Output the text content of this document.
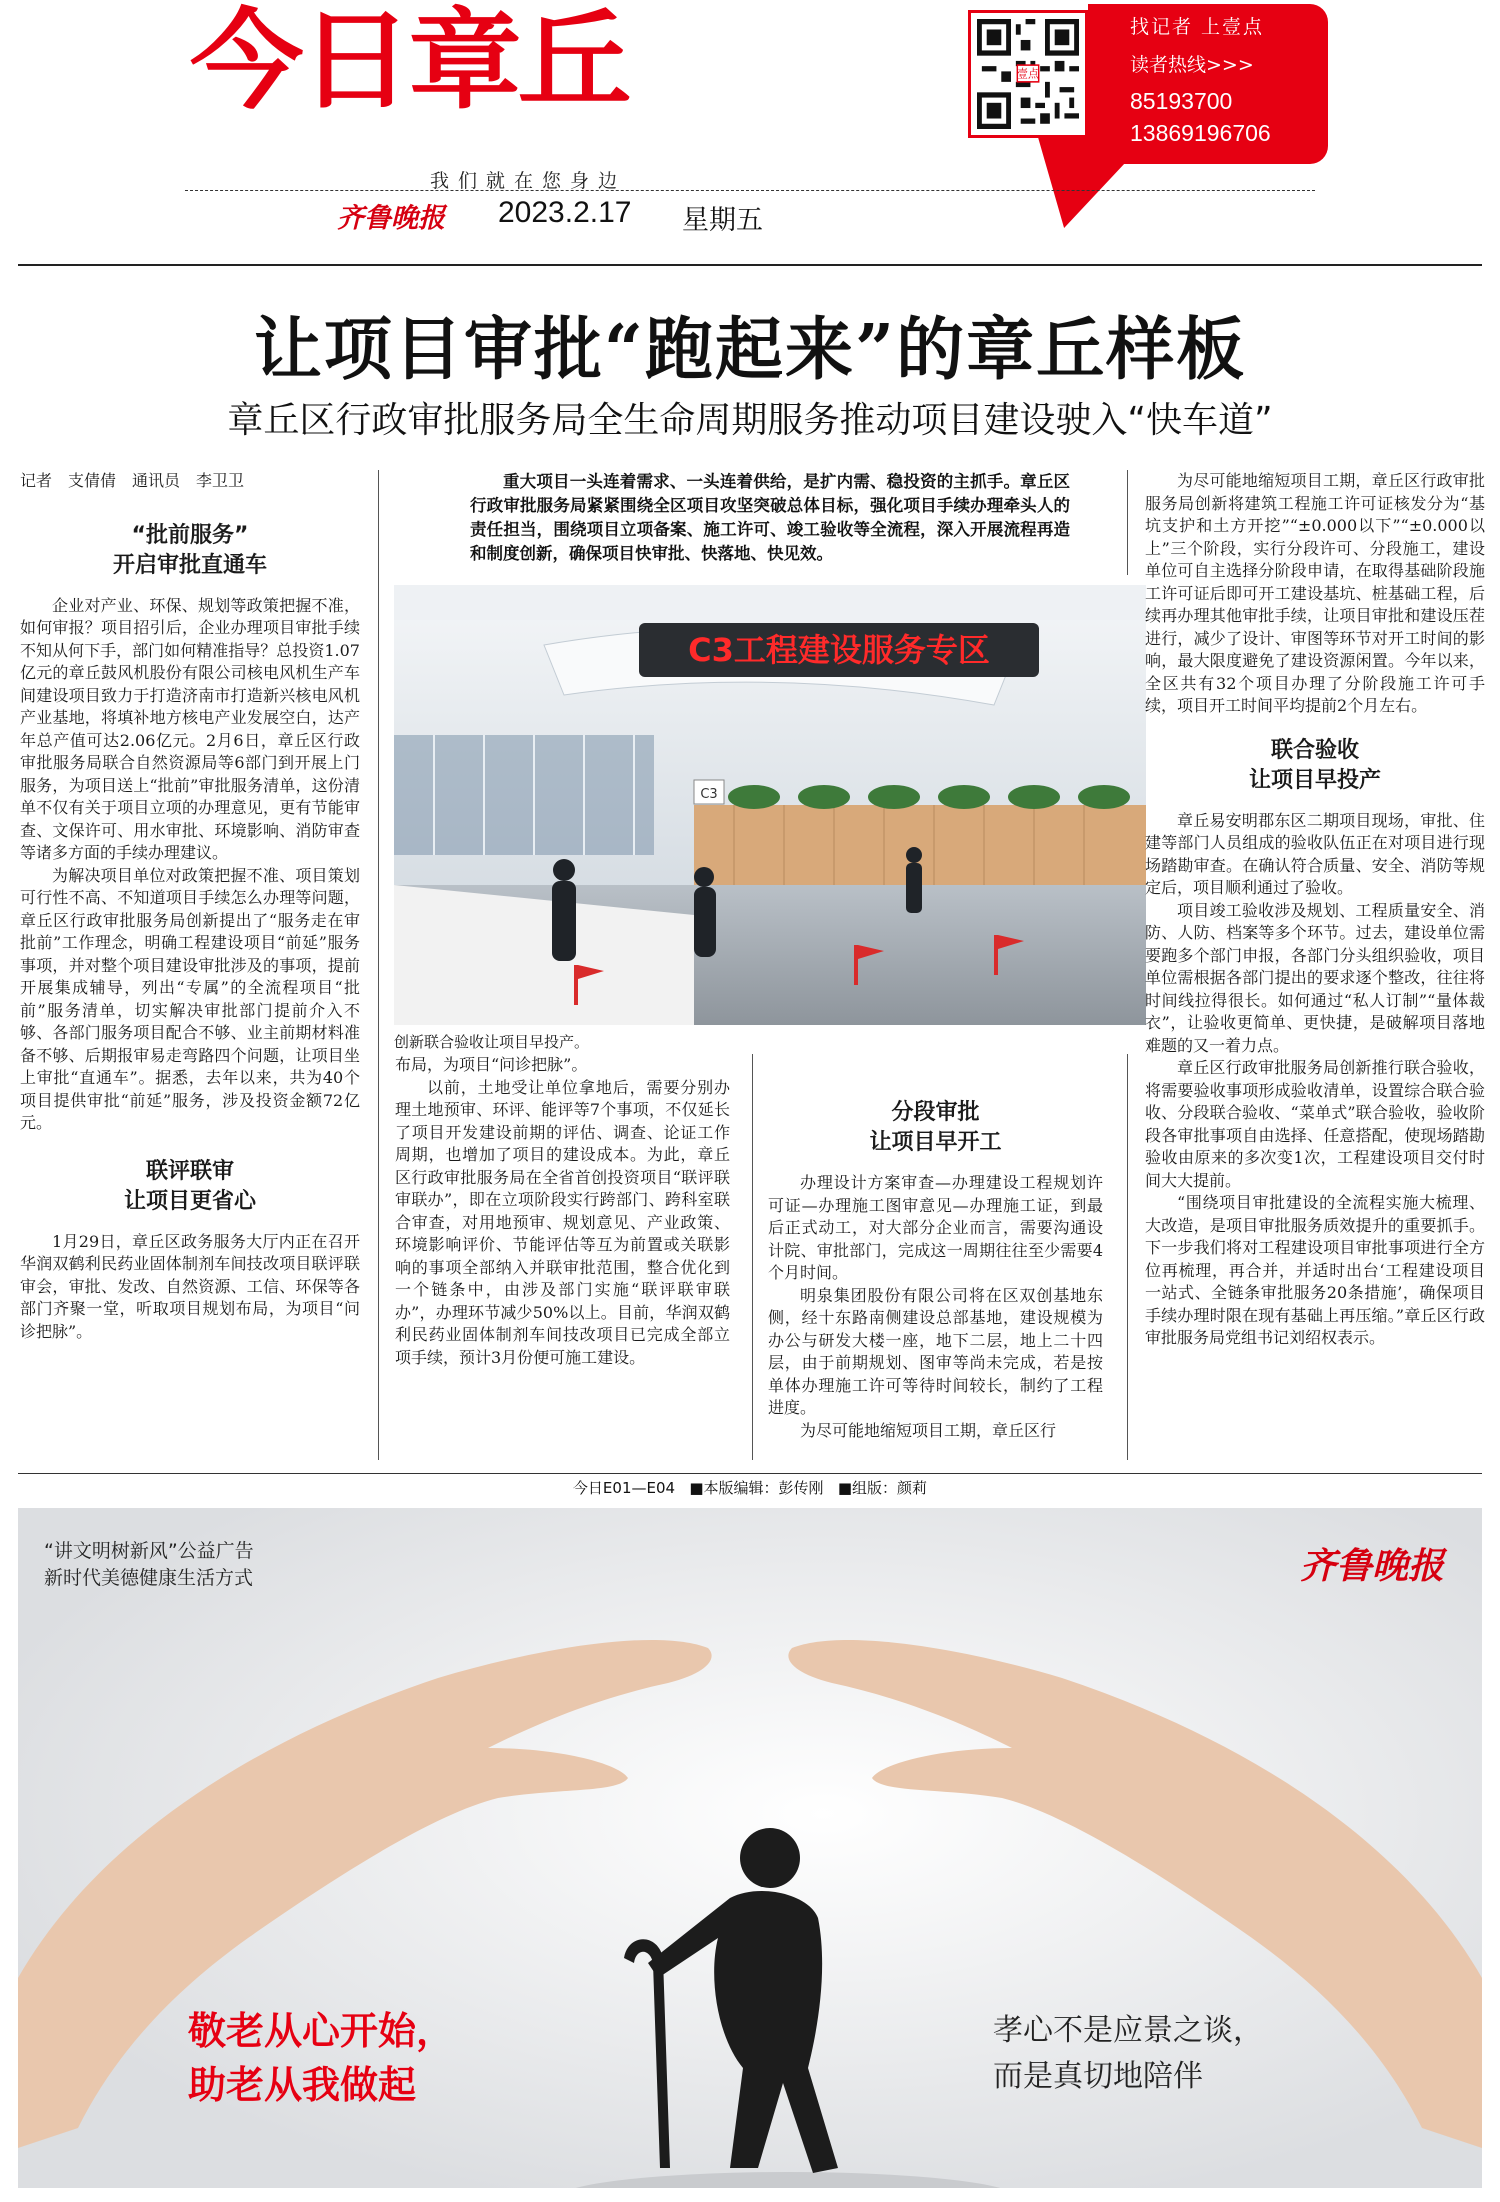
今日章丘	壹点
找记者 上壹点
读者热线>>>
85193700
13869196706
我们就在您身边
齐鲁晚报 2023.2.17 星期五
让项目审批“跑起来”的章丘样板
章丘区行政审批服务局全生命周期服务推动项目建设驶入“快车道”
记者　支倩倩　通讯员　李卫卫
“批前服务”
开启审批直通车

企业对产业、环保、规划等政策把握不准，如何审报？项目招引后，企业办理项目审批手续不知从何下手，部门如何精准指导？总投资1.07亿元的章丘鼓风机股份有限公司核电风机生产车间建设项目致力于打造济南市打造新兴核电风机产业基地，将填补地方核电产业发展空白，达产年总产值可达2.06亿元。2月6日，章丘区行政审批服务局联合自然资源局等6部门到开展上门服务，为项目送上“批前”审批服务清单，这份清单不仅有关于项目立项的办理意见，更有节能审查、文保许可、用水审批、环境影响、消防审查等诸多方面的手续办理建议。

为解决项目单位对政策把握不准、项目策划可行性不高、不知道项目手续怎么办理等问题，章丘区行政审批服务局创新提出了“服务走在审批前”工作理念，明确工程建设项目“前延”服务事项，并对整个项目建设审批涉及的事项，提前开展集成辅导，列出“专属”的全流程项目“批前”服务清单，切实解决审批部门提前介入不够、各部门服务项目配合不够、业主前期材料准备不够、后期报审易走弯路四个问题，让项目坐上审批“直通车”。据悉，去年以来，共为40个项目提供审批“前延”服务，涉及投资金额72亿元。

联评联审
让项目更省心

1月29日，章丘区政务服务大厅内正在召开华润双鹤利民药业固体制剂车间技改项目联评联审会，审批、发改、自然资源、工信、环保等各部门齐聚一堂，听取项目规划布局，为项目“问诊把脉”。

重大项目一头连着需求、一头连着供给，是扩内需、稳投资的主抓手。章丘区行政审批服务局紧紧围绕全区项目攻坚突破总体目标，强化项目手续办理牵头人的责任担当，围绕项目立项备案、施工许可、竣工验收等全流程，深入开展流程再造和制度创新，确保项目快审批、快落地、快见效。
C3工程建设服务专区
C3
创新联合验收让项目早投产。

布局，为项目“问诊把脉”。

以前，土地受让单位拿地后，需要分别办理土地预审、环评、能评等7个事项，不仅延长了项目开发建设前期的评估、调查、论证工作周期，也增加了项目的建设成本。为此，章丘区行政审批服务局在全省首创投资项目“联评联审联办”，即在立项阶段实行跨部门、跨科室联合审查，对用地预审、规划意见、产业政策、环境影响评价、节能评估等互为前置或关联影响的事项全部纳入并联审批范围，整合优化到一个链条中，由涉及部门实施“联评联审联办”，办理环节减少50%以上。目前，华润双鹤利民药业固体制剂车间技改项目已完成全部立项手续，预计3月份便可施工建设。

分段审批
让项目早开工

办理设计方案审查—办理建设工程规划许可证—办理施工图审意见—办理施工证，到最后正式动工，对大部分企业而言，需要沟通设计院、审批部门，完成这一周期往往至少需要4个月时间。

明泉集团股份有限公司将在区双创基地东侧，经十东路南侧建设总部基地，建设规模为办公与研发大楼一座，地下二层，地上二十四层，由于前期规划、图审等尚未完成，若是按单体办理施工许可等待时间较长，制约了工程进度。

为尽可能地缩短项目工期，章丘区行

为尽可能地缩短项目工期，章丘区行政审批服务局创新将建筑工程施工许可证核发分为“基坑支护和土方开挖”“±0.000以下”“±0.000以上”三个阶段，实行分段许可、分段施工，建设单位可自主选择分阶段申请，在取得基础阶段施工许可证后即可开工建设基坑、桩基础工程，后续再办理其他审批手续，让项目审批和建设压茬进行，减少了设计、审图等环节对开工时间的影响，最大限度避免了建设资源闲置。今年以来，全区共有32个项目办理了分阶段施工许可手续，项目开工时间平均提前2个月左右。

联合验收
让项目早投产

章丘易安明郡东区二期项目现场，审批、住建等部门人员组成的验收队伍正在对项目进行现场踏勘审查。在确认符合质量、安全、消防等规定后，项目顺利通过了验收。

项目竣工验收涉及规划、工程质量安全、消防、人防、档案等多个环节。过去，建设单位需要跑多个部门申报，各部门分头组织验收，项目单位需根据各部门提出的要求逐个整改，往往将时间线拉得很长。如何通过“私人订制”“量体裁衣”，让验收更简单、更快捷，是破解项目落地难题的又一着力点。

章丘区行政审批服务局创新推行联合验收，将需要验收事项形成验收清单，设置综合联合验收、分段联合验收、“菜单式”联合验收，验收阶段各审批事项自由选择、任意搭配，使现场踏勘验收由原来的多次变1次，工程建设项目交付时间大大提前。

“围绕项目审批建设的全流程实施大梳理、大改造，是项目审批服务质效提升的重要抓手。下一步我们将对工程建设项目审批事项进行全方位再梳理，再合并，并适时出台‘工程建设项目一站式、全链条审批服务20条措施’，确保项目手续办理时限在现有基础上再压缩。”章丘区行政审批服务局党组书记刘绍权表示。

今日E01—E04 ■本版编辑：彭传刚 ■组版：颜莉
“讲文明树新风”公益广告
新时代美德健康生活方式	齐鲁晚报
敬老从心开始，
助老从我做起
孝心不是应景之谈，
而是真切地陪伴
